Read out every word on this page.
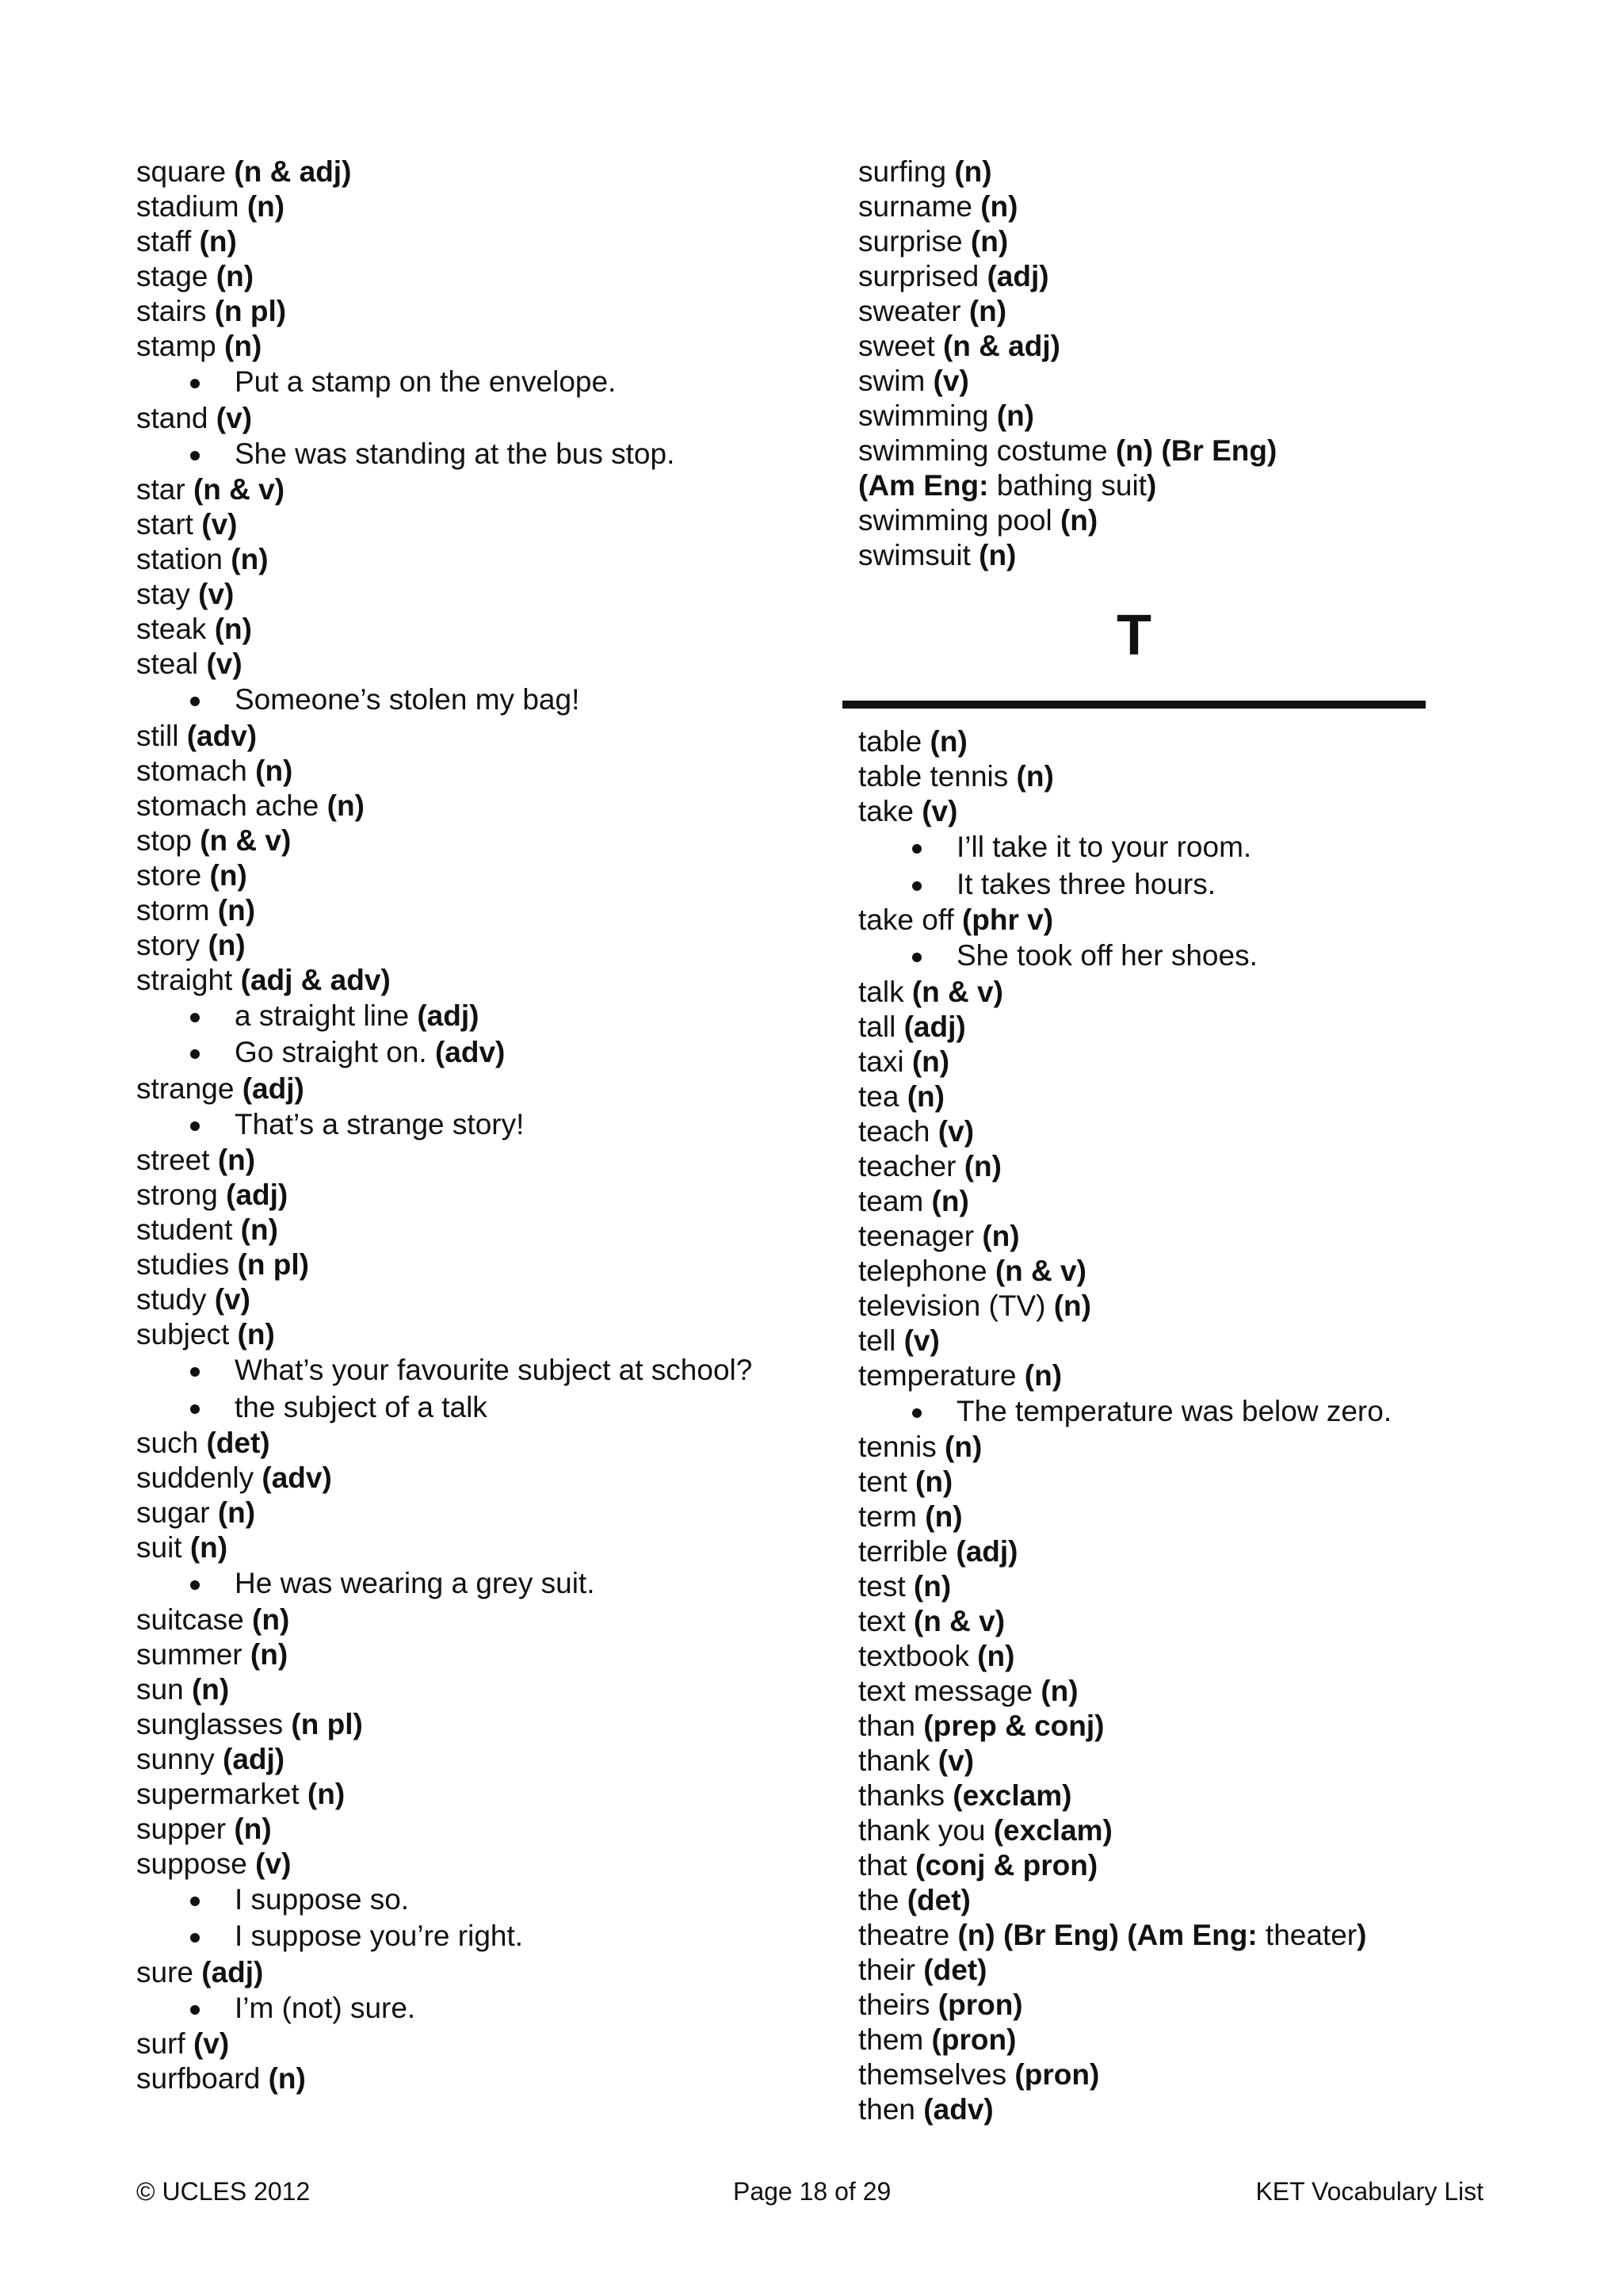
square (n & adj)
stadium (n)
staff (n)
stage (n)
stairs (n pl)
stamp (n)
Put a stamp on the envelope.
stand (v)
She was standing at the bus stop.
star (n & v)
start (v)
station (n)
stay (v)
steak (n)
steal (v)
Someone’s stolen my bag!
still (adv)
stomach (n)
stomach ache (n)
stop (n & v)
store (n)
storm (n)
story (n)
straight (adj & adv)
a straight line (adj)
Go straight on. (adv)
strange (adj)
That’s a strange story!
street (n)
strong (adj)
student (n)
studies (n pl)
study (v)
subject (n)
What’s your favourite subject at school?
the subject of a talk
such (det)
suddenly (adv)
sugar (n)
suit (n)
He was wearing a grey suit.
suitcase (n)
summer (n)
sun (n)
sunglasses (n pl)
sunny (adj)
supermarket (n)
supper (n)
suppose (v)
I suppose so.
I suppose you’re right.
sure (adj)
I’m (not) sure.
surf (v)
surfboard (n)
surfing (n)
surname (n)
surprise (n)
surprised (adj)
sweater (n)
sweet (n & adj)
swim (v)
swimming (n)
swimming costume (n) (Br Eng)
(Am Eng: bathing suit)
swimming pool (n)
swimsuit (n)
T
table (n)
table tennis (n)
take (v)
I’ll take it to your room.
It takes three hours.
take off (phr v)
She took off her shoes.
talk (n & v)
tall (adj)
taxi (n)
tea (n)
teach (v)
teacher (n)
team (n)
teenager (n)
telephone (n & v)
television (TV) (n)
tell (v)
temperature (n)
The temperature was below zero.
tennis (n)
tent (n)
term (n)
terrible (adj)
test (n)
text (n & v)
textbook (n)
text message (n)
than (prep & conj)
thank (v)
thanks (exclam)
thank you (exclam)
that (conj & pron)
the (det)
theatre (n) (Br Eng) (Am Eng: theater)
their (det)
theirs (pron)
them (pron)
themselves (pron)
then (adv)
© UCLES 2012	Page 18 of 29	KET Vocabulary List
